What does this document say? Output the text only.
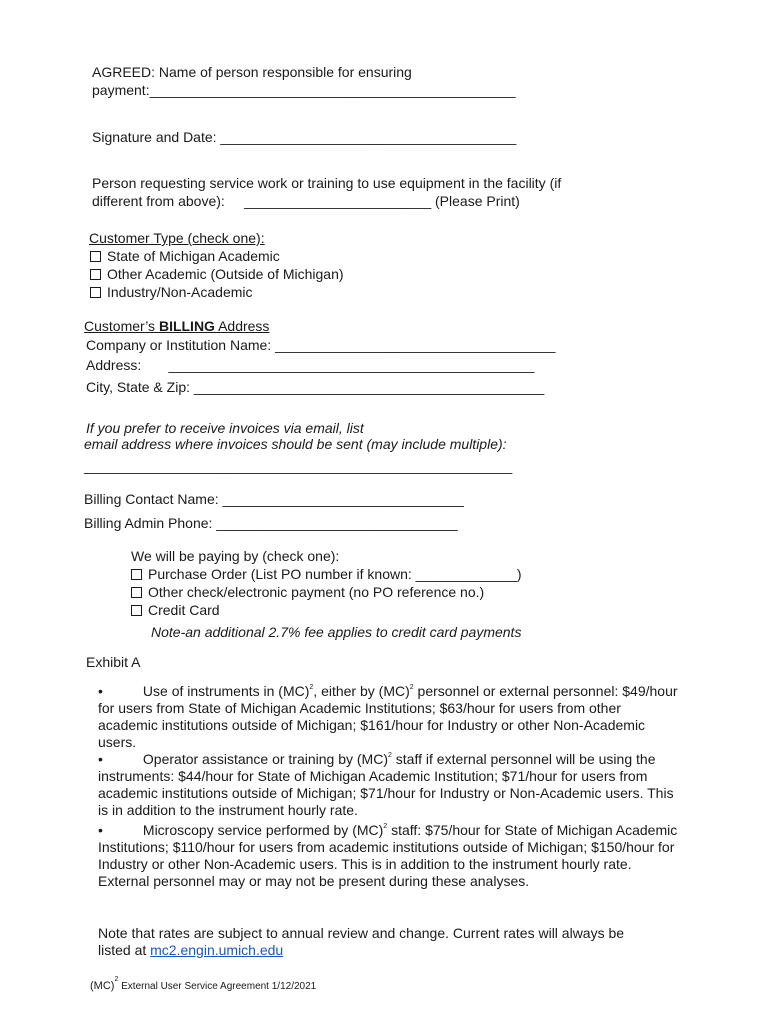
AGREED: Name of person responsible for ensuring
payment:_______________________________________________
Signature and Date: ______________________________________
Person requesting service work or training to use equipment in the facility (if
different from above):     ________________________ (Please Print)
Customer Type (check one):
State of Michigan Academic
Other Academic (Outside of Michigan)
Industry/Non-Academic
Customer’s BILLING Address
Company or Institution Name: ____________________________________
Address:       _______________________________________________
City, State & Zip: _____________________________________________
If you prefer to receive invoices via email, list
email address where invoices should be sent (may include multiple):
_______________________________________________________
Billing Contact Name: _______________________________
Billing Admin Phone: _______________________________
We will be paying by (check one):
Purchase Order (List PO number if known: _____________)
Other check/electronic payment (no PO reference no.)
Credit Card
Note-an additional 2.7% fee applies to credit card payments
Exhibit A
•	Use of instruments in (MC)$^2$, either by (MC)$^2$ personnel or external personnel: $49/hour for users from State of Michigan Academic Institutions; $63/hour for users from other academic institutions outside of Michigan; $161/hour for Industry or other Non-Academic users.
•	Operator assistance or training by (MC)$^2$ staff if external personnel will be using the instruments: $44/hour for State of Michigan Academic Institution; $71/hour for users from academic institutions outside of Michigan; $71/hour for Industry or Non-Academic users. This is in addition to the instrument hourly rate.
•	Microscopy service performed by (MC)$^2$ staff: $75/hour for State of Michigan Academic Institutions; $110/hour for users from academic institutions outside of Michigan; $150/hour for Industry or other Non-Academic users. This is in addition to the instrument hourly rate. External personnel may or may not be present during these analyses.
Note that rates are subject to annual review and change. Current rates will always be
listed at mc2.engin.umich.edu
(MC)$^2$ External User Service Agreement 1/12/2021
